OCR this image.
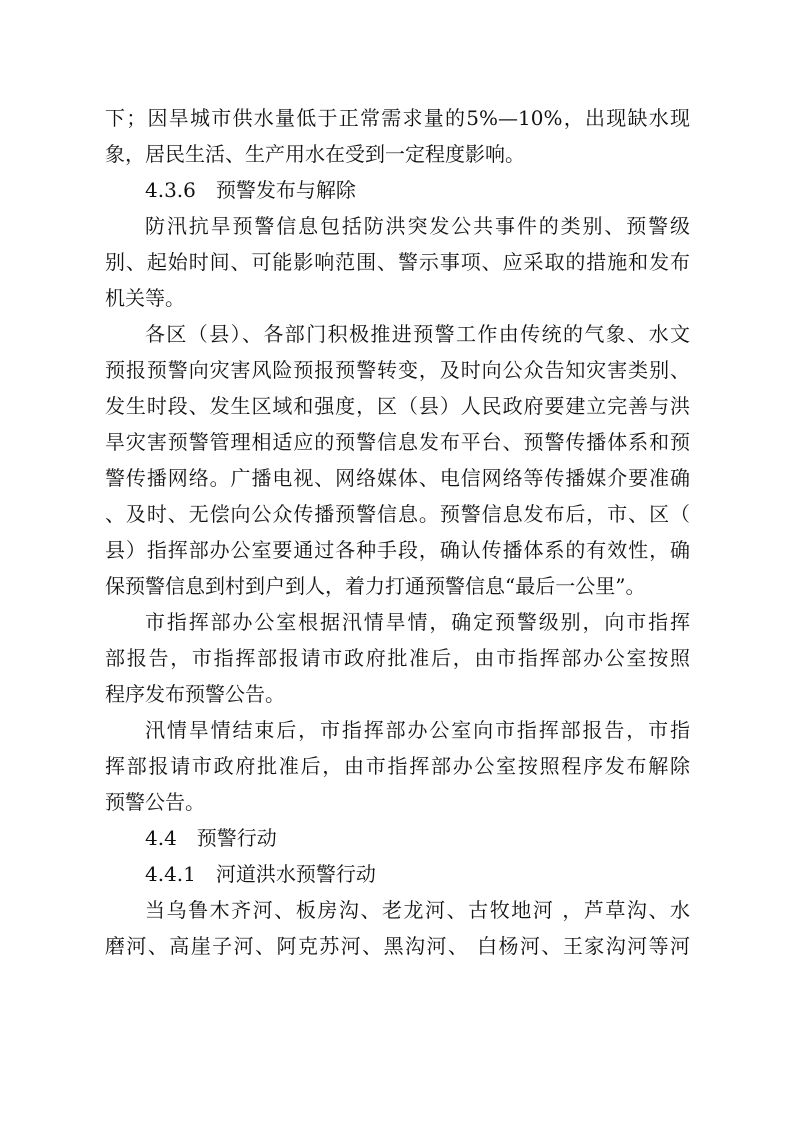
下；因旱城市供水量低于正常需求量的5%—10%，出现缺水现
象，居民生活、生产用水在受到一定程度影响。
4.3.6　预警发布与解除
防汛抗旱预警信息包括防洪突发公共事件的类别、预警级
别、起始时间、可能影响范围、警示事项、应采取的措施和发布
机关等。
各区（县）、各部门积极推进预警工作由传统的气象、水文
预报预警向灾害风险预报预警转变，及时向公众告知灾害类别、
发生时段、发生区域和强度，区（县）人民政府要建立完善与洪
旱灾害预警管理相适应的预警信息发布平台、预警传播体系和预
警传播网络。广播电视、网络媒体、电信网络等传播媒介要准确
、及时、无偿向公众传播预警信息。预警信息发布后，市、区（
县）指挥部办公室要通过各种手段，确认传播体系的有效性，确
保预警信息到村到户到人，着力打通预警信息“最后一公里”。
市指挥部办公室根据汛情旱情，确定预警级别，向市指挥
部报告，市指挥部报请市政府批准后，由市指挥部办公室按照
程序发布预警公告。
汛情旱情结束后，市指挥部办公室向市指挥部报告，市指
挥部报请市政府批准后，由市指挥部办公室按照程序发布解除
预警公告。
4.4　预警行动
4.4.1　河道洪水预警行动
当乌鲁木齐河、板房沟、老龙河、古牧地河 ，芦草沟、水
磨河、高崖子河、阿克苏河、黑沟河、 白杨河、王家沟河等河
